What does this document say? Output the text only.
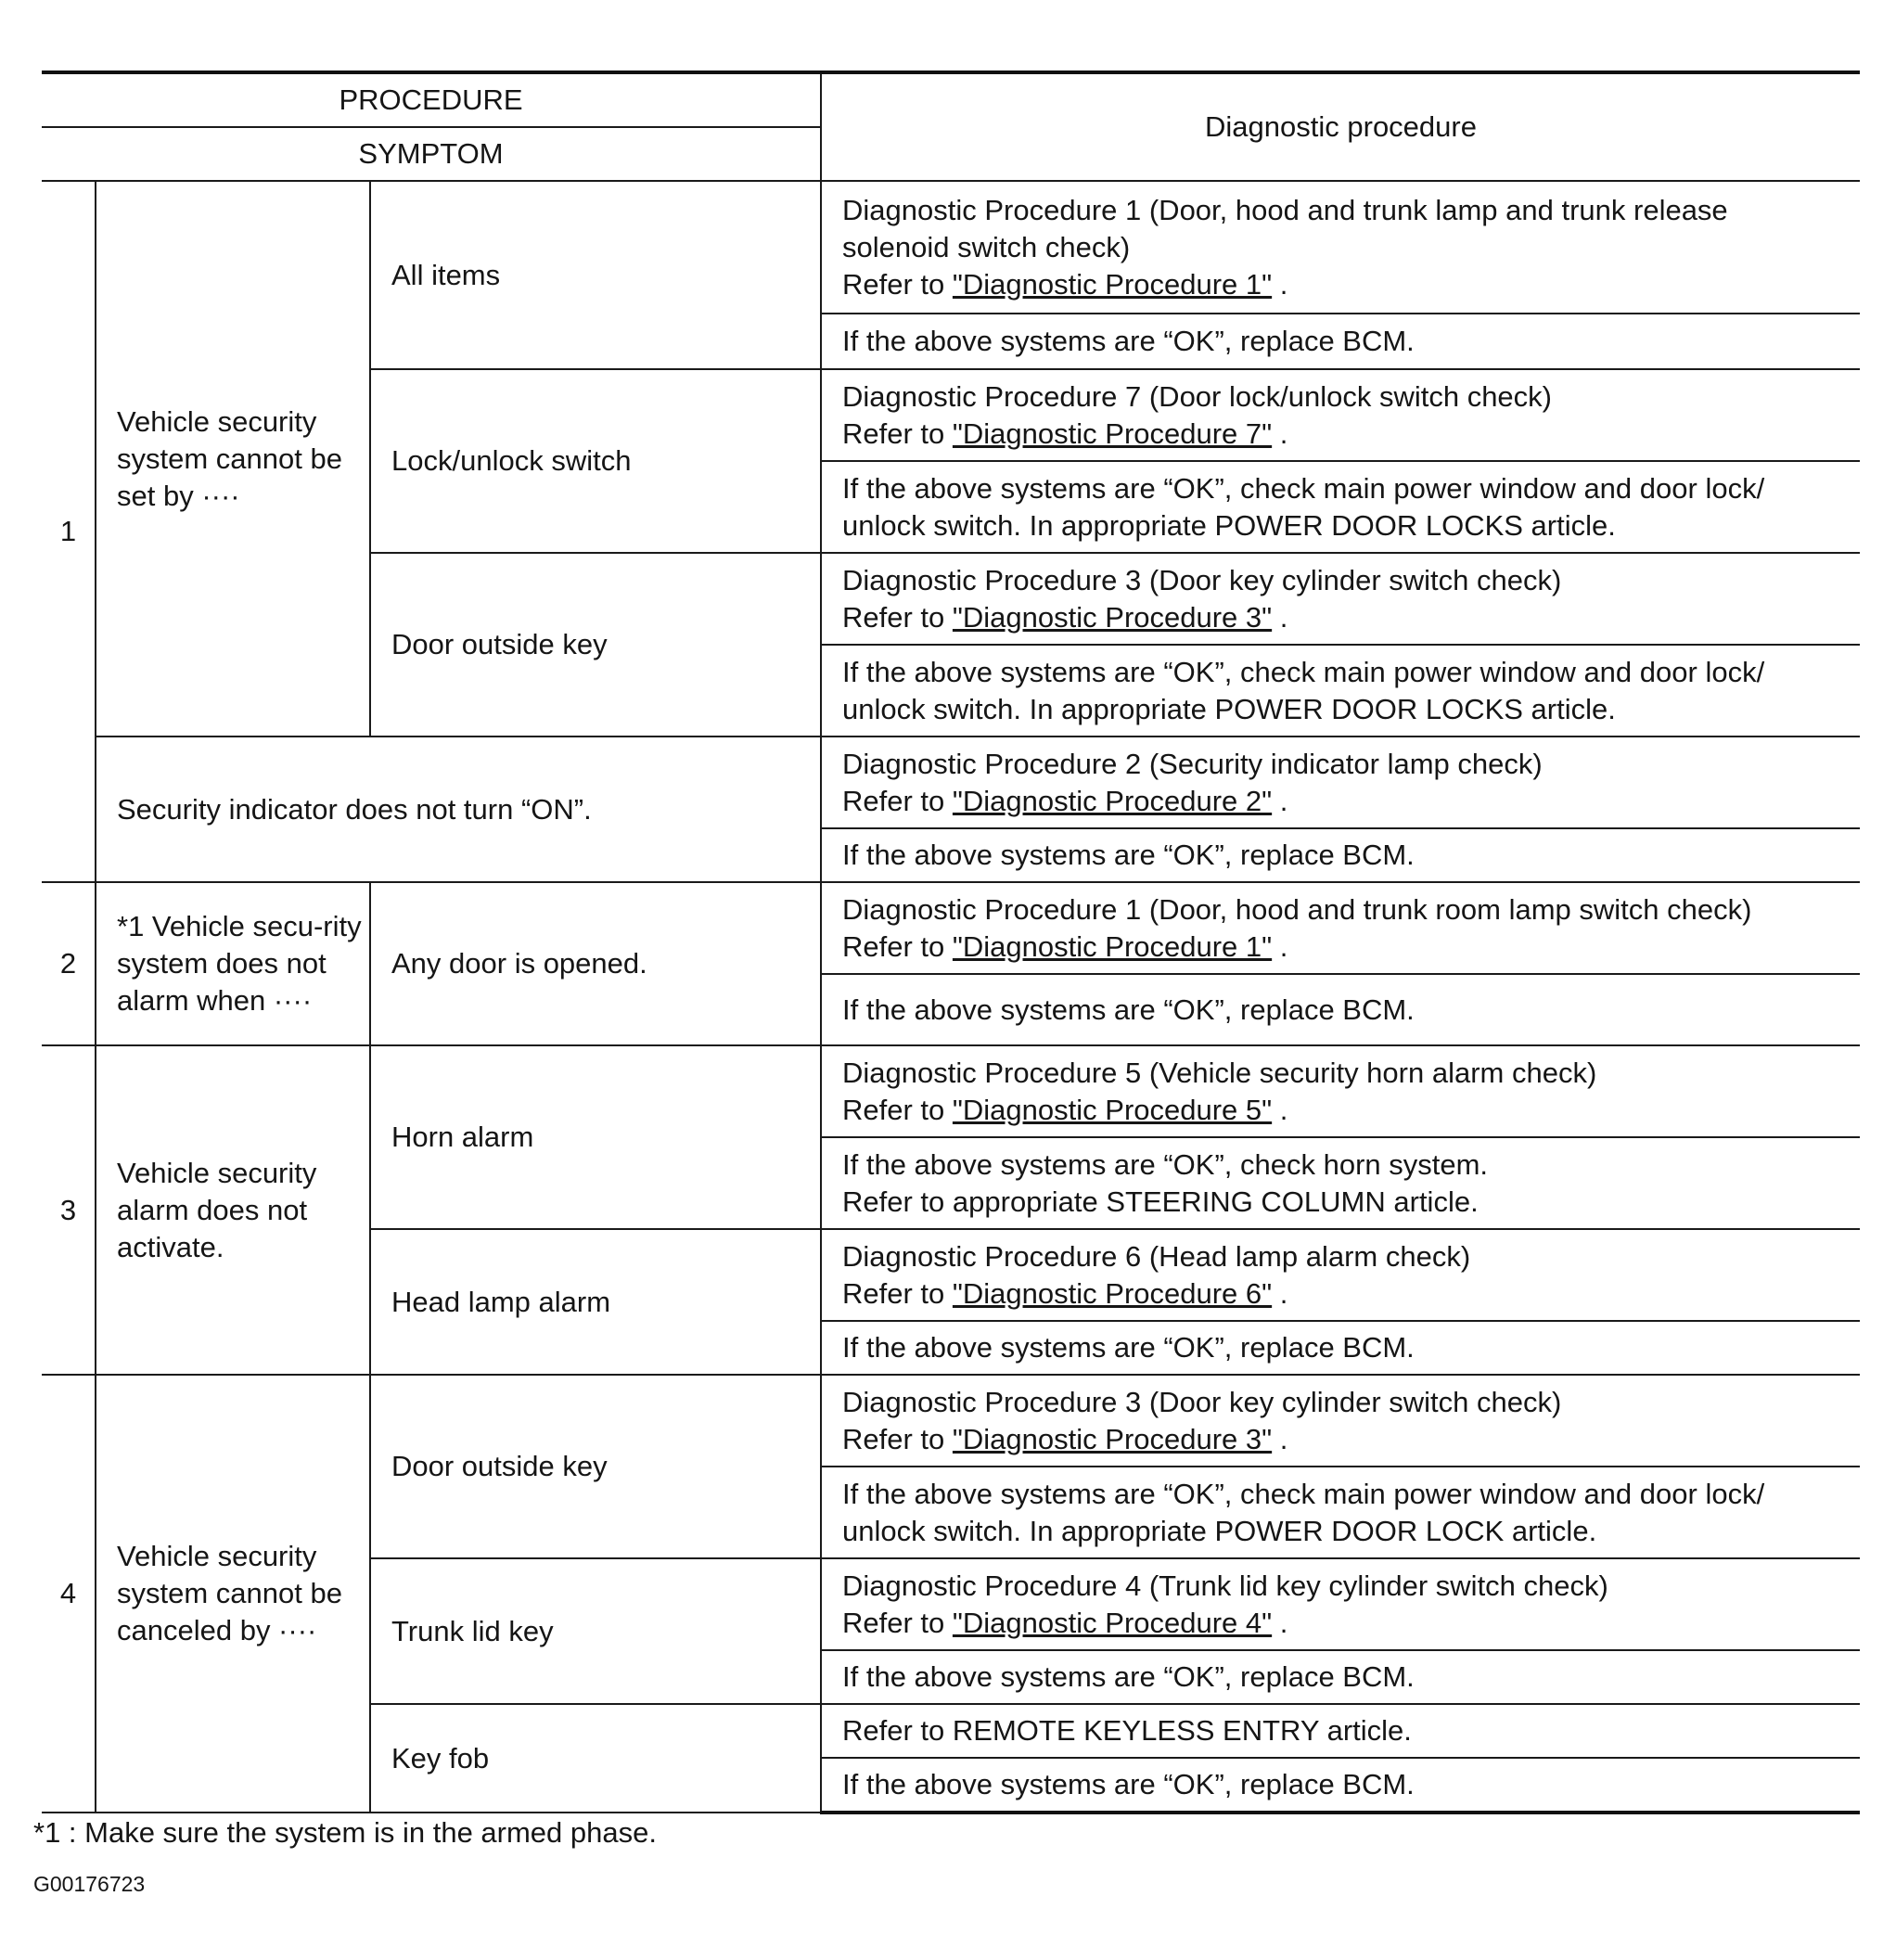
PROCEDURE			Diagnostic procedure
SYMPTOM			
1	Vehicle security system cannot be set by ····	All items	Diagnostic Procedure 1 (Door, hood and trunk lamp and trunk release solenoid switch check)
Refer to "Diagnostic Procedure 1" .

			If the above systems are “OK”, replace BCM.
		Lock/unlock switch	Diagnostic Procedure 7 (Door lock/unlock switch check)
Refer to "Diagnostic Procedure 7" .

			If the above systems are “OK”, check main power window and door lock/ unlock switch. In appropriate POWER DOOR LOCKS article.
		Door outside key	Diagnostic Procedure 3 (Door key cylinder switch check)
Refer to "Diagnostic Procedure 3" .

			If the above systems are “OK”, check main power window and door lock/ unlock switch. In appropriate POWER DOOR LOCKS article.
	Security indicator does not turn “ON”.		Diagnostic Procedure 2 (Security indicator lamp check)
Refer to "Diagnostic Procedure 2" .

			If the above systems are “OK”, replace BCM.
2	*1 Vehicle secu-rity system does not alarm when ····	Any door is opened.	Diagnostic Procedure 1 (Door, hood and trunk room lamp switch check)
Refer to "Diagnostic Procedure 1" .

			If the above systems are “OK”, replace BCM.
3	Vehicle security alarm does not activate.	Horn alarm	Diagnostic Procedure 5 (Vehicle security horn alarm check)
Refer to "Diagnostic Procedure 5" .

			If the above systems are “OK”, check horn system.
Refer to appropriate STEERING COLUMN article.

		Head lamp alarm	Diagnostic Procedure 6 (Head lamp alarm check)
Refer to "Diagnostic Procedure 6" .

			If the above systems are “OK”, replace BCM.
4	Vehicle security system cannot be canceled by ····	Door outside key	Diagnostic Procedure 3 (Door key cylinder switch check)
Refer to "Diagnostic Procedure 3" .

			If the above systems are “OK”, check main power window and door lock/ unlock switch. In appropriate POWER DOOR LOCK article.
		Trunk lid key	Diagnostic Procedure 4 (Trunk lid key cylinder switch check)
Refer to "Diagnostic Procedure 4" .

			If the above systems are “OK”, replace BCM.
		Key fob	Refer to REMOTE KEYLESS ENTRY article.
			If the above systems are “OK”, replace BCM.
*1 : Make sure the system is in the armed phase.
G00176723
